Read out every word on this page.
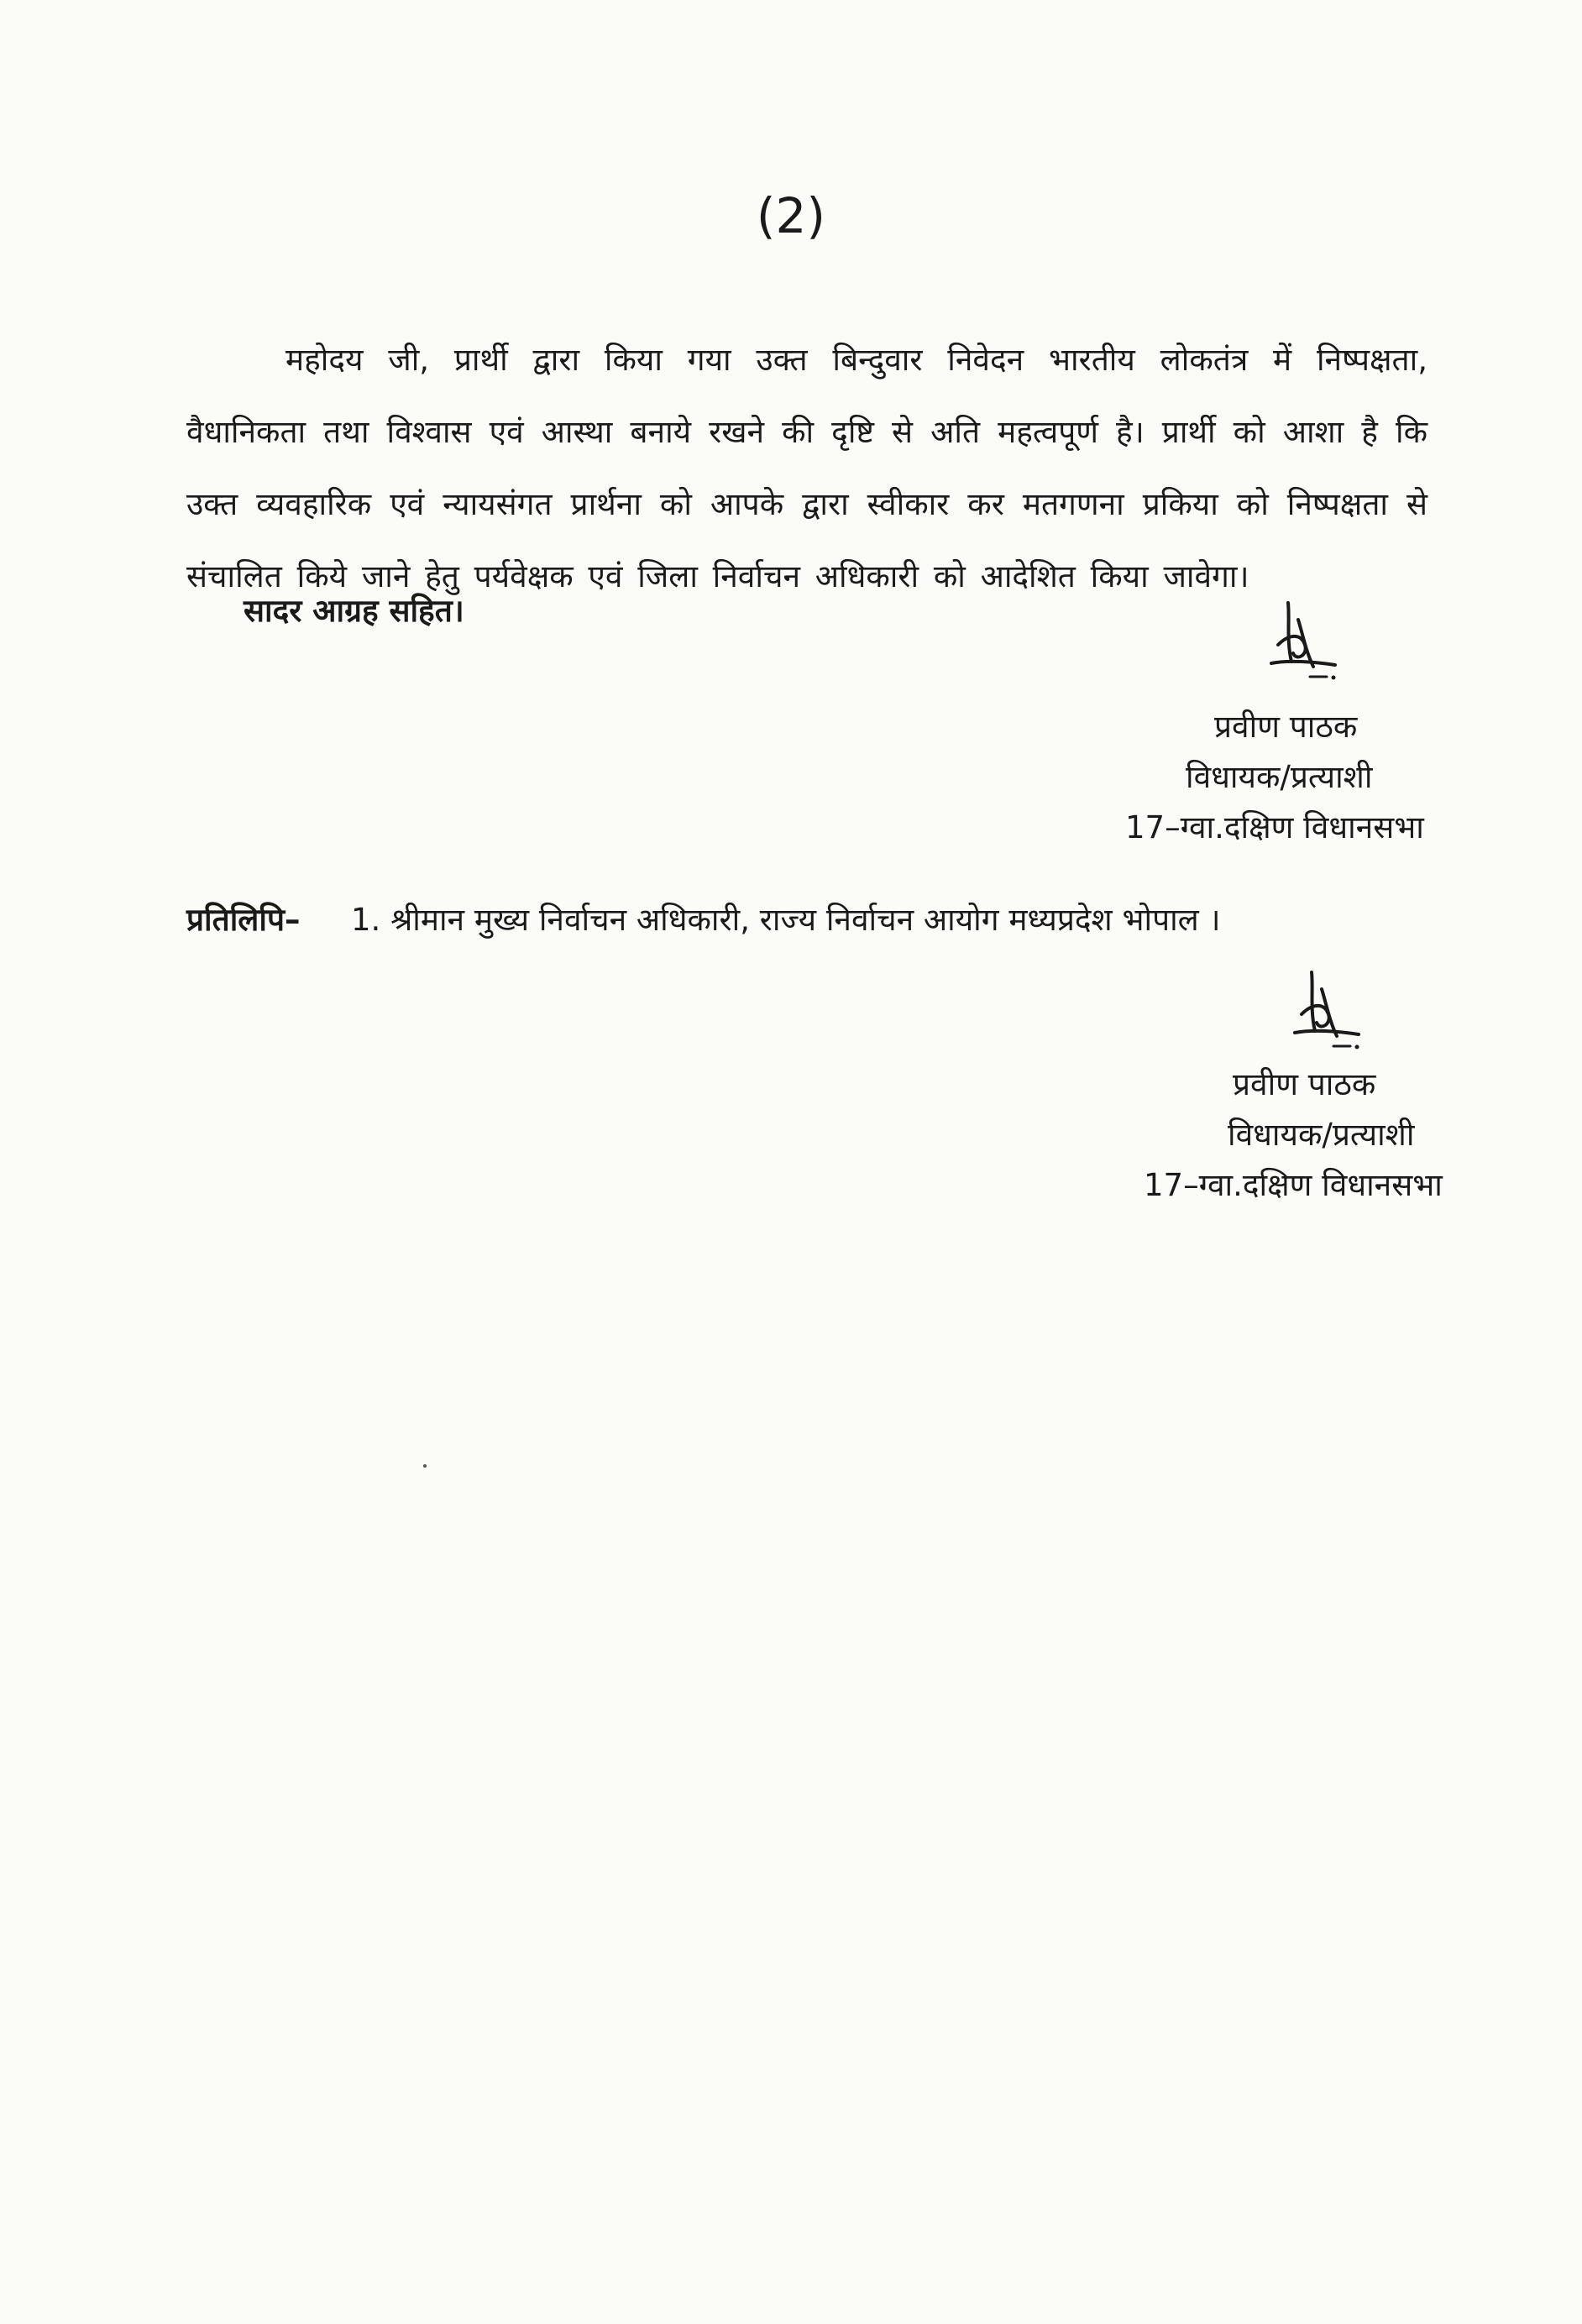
(2)

महोदय जी, प्रार्थी द्वारा किया गया उक्त बिन्दुवार निवेदन भारतीय लोकतंत्र में निष्पक्षता, वैधानिकता तथा विश्वास एवं आस्था बनाये रखने की दृष्टि से अति महत्वपूर्ण है। प्रार्थी को आशा है कि उक्त व्यवहारिक एवं न्यायसंगत प्रार्थना को आपके द्वारा स्वीकार कर मतगणना प्रकिया को निष्पक्षता से संचालित किये जाने हेतु पर्यवेक्षक एवं जिला निर्वाचन अधिकारी को आदेशित किया जावेगा।

सादर आग्रह सहित।
प्रवीण पाठक
विधायक/प्रत्याशी
17–ग्वा.दक्षिण विधानसभा
प्रतिलिपि– 1. श्रीमान मुख्य निर्वाचन अधिकारी, राज्य निर्वाचन आयोग मध्यप्रदेश भोपाल ।
प्रवीण पाठक
विधायक/प्रत्याशी
17–ग्वा.दक्षिण विधानसभा
